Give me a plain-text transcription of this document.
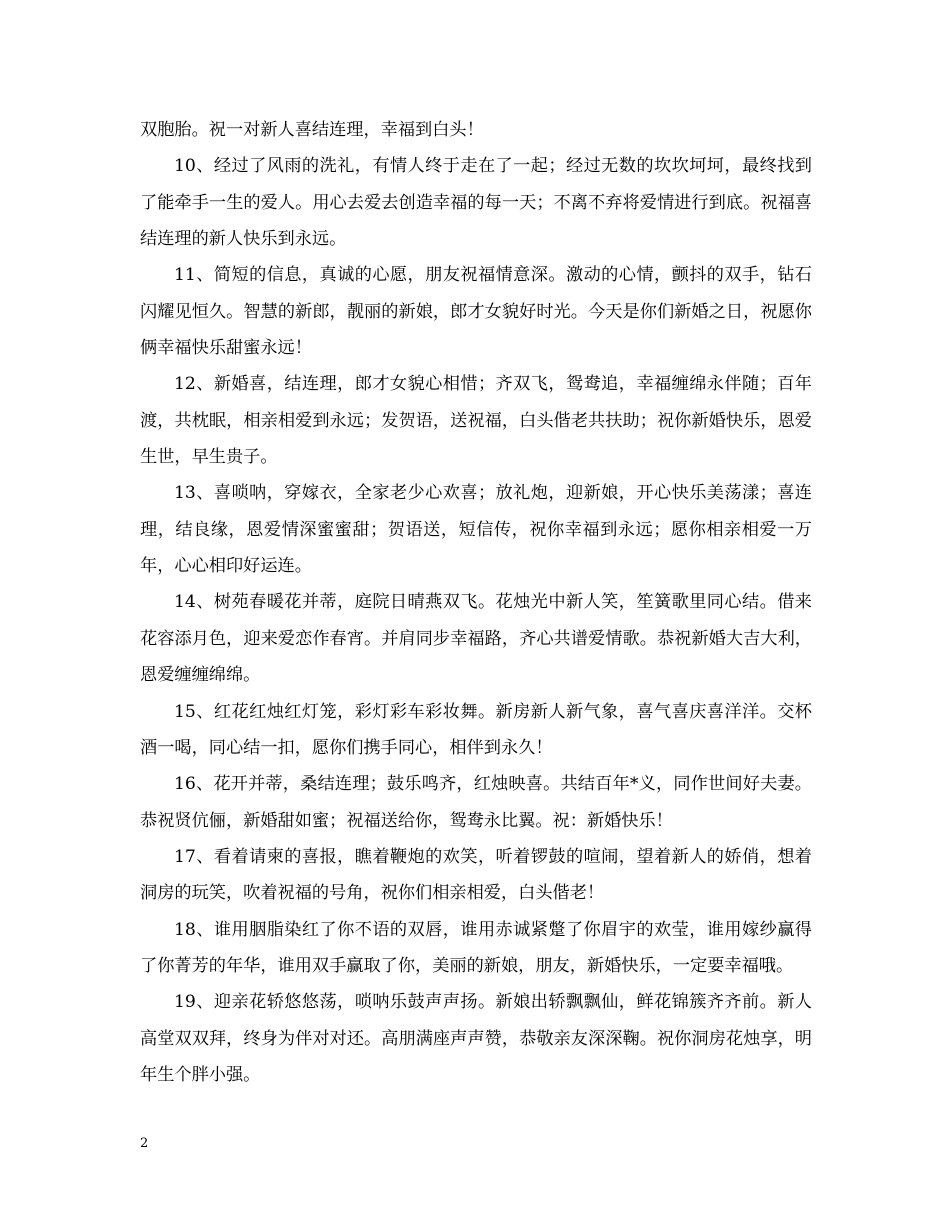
双胞胎。祝一对新人喜结连理，幸福到白头！

10、经过了风雨的洗礼，有情人终于走在了一起；经过无数的坎坎坷坷，最终找到了能牵手一生的爱人。用心去爱去创造幸福的每一天；不离不弃将爱情进行到底。祝福喜结连理的新人快乐到永远。

11、简短的信息，真诚的心愿，朋友祝福情意深。激动的心情，颤抖的双手，钻石闪耀见恒久。智慧的新郎，靓丽的新娘，郎才女貌好时光。今天是你们新婚之日，祝愿你俩幸福快乐甜蜜永远！

12、新婚喜，结连理，郎才女貌心相惜；齐双飞，鸳鸯追，幸福缠绵永伴随；百年渡，共枕眠，相亲相爱到永远；发贺语，送祝福，白头偕老共扶助；祝你新婚快乐，恩爱生世，早生贵子。

13、喜唢呐，穿嫁衣，全家老少心欢喜；放礼炮，迎新娘，开心快乐美荡漾；喜连理，结良缘，恩爱情深蜜蜜甜；贺语送，短信传，祝你幸福到永远；愿你相亲相爱一万年，心心相印好运连。

14、树苑春暖花并蒂，庭院日晴燕双飞。花烛光中新人笑，笙簧歌里同心结。借来花容添月色，迎来爱恋作春宵。并肩同步幸福路，齐心共谱爱情歌。恭祝新婚大吉大利，恩爱缠缠绵绵。

15、红花红烛红灯笼，彩灯彩车彩妆舞。新房新人新气象，喜气喜庆喜洋洋。交杯酒一喝，同心结一扣，愿你们携手同心，相伴到永久！

16、花开并蒂，桑结连理；鼓乐鸣齐，红烛映喜。共结百年*义，同作世间好夫妻。恭祝贤伉俪，新婚甜如蜜；祝福送给你，鸳鸯永比翼。祝：新婚快乐！

17、看着请柬的喜报，瞧着鞭炮的欢笑，听着锣鼓的喧闹，望着新人的娇俏，想着洞房的玩笑，吹着祝福的号角，祝你们相亲相爱，白头偕老！

18、谁用胭脂染红了你不语的双唇，谁用赤诚紧蹩了你眉宇的欢莹，谁用嫁纱赢得了你菁芳的年华，谁用双手赢取了你，美丽的新娘，朋友，新婚快乐，一定要幸福哦。

19、迎亲花轿悠悠荡，唢呐乐鼓声声扬。新娘出轿飘飘仙，鲜花锦簇齐齐前。新人高堂双双拜，终身为伴对对还。高朋满座声声赞，恭敬亲友深深鞠。祝你洞房花烛享，明年生个胖小强。

2
